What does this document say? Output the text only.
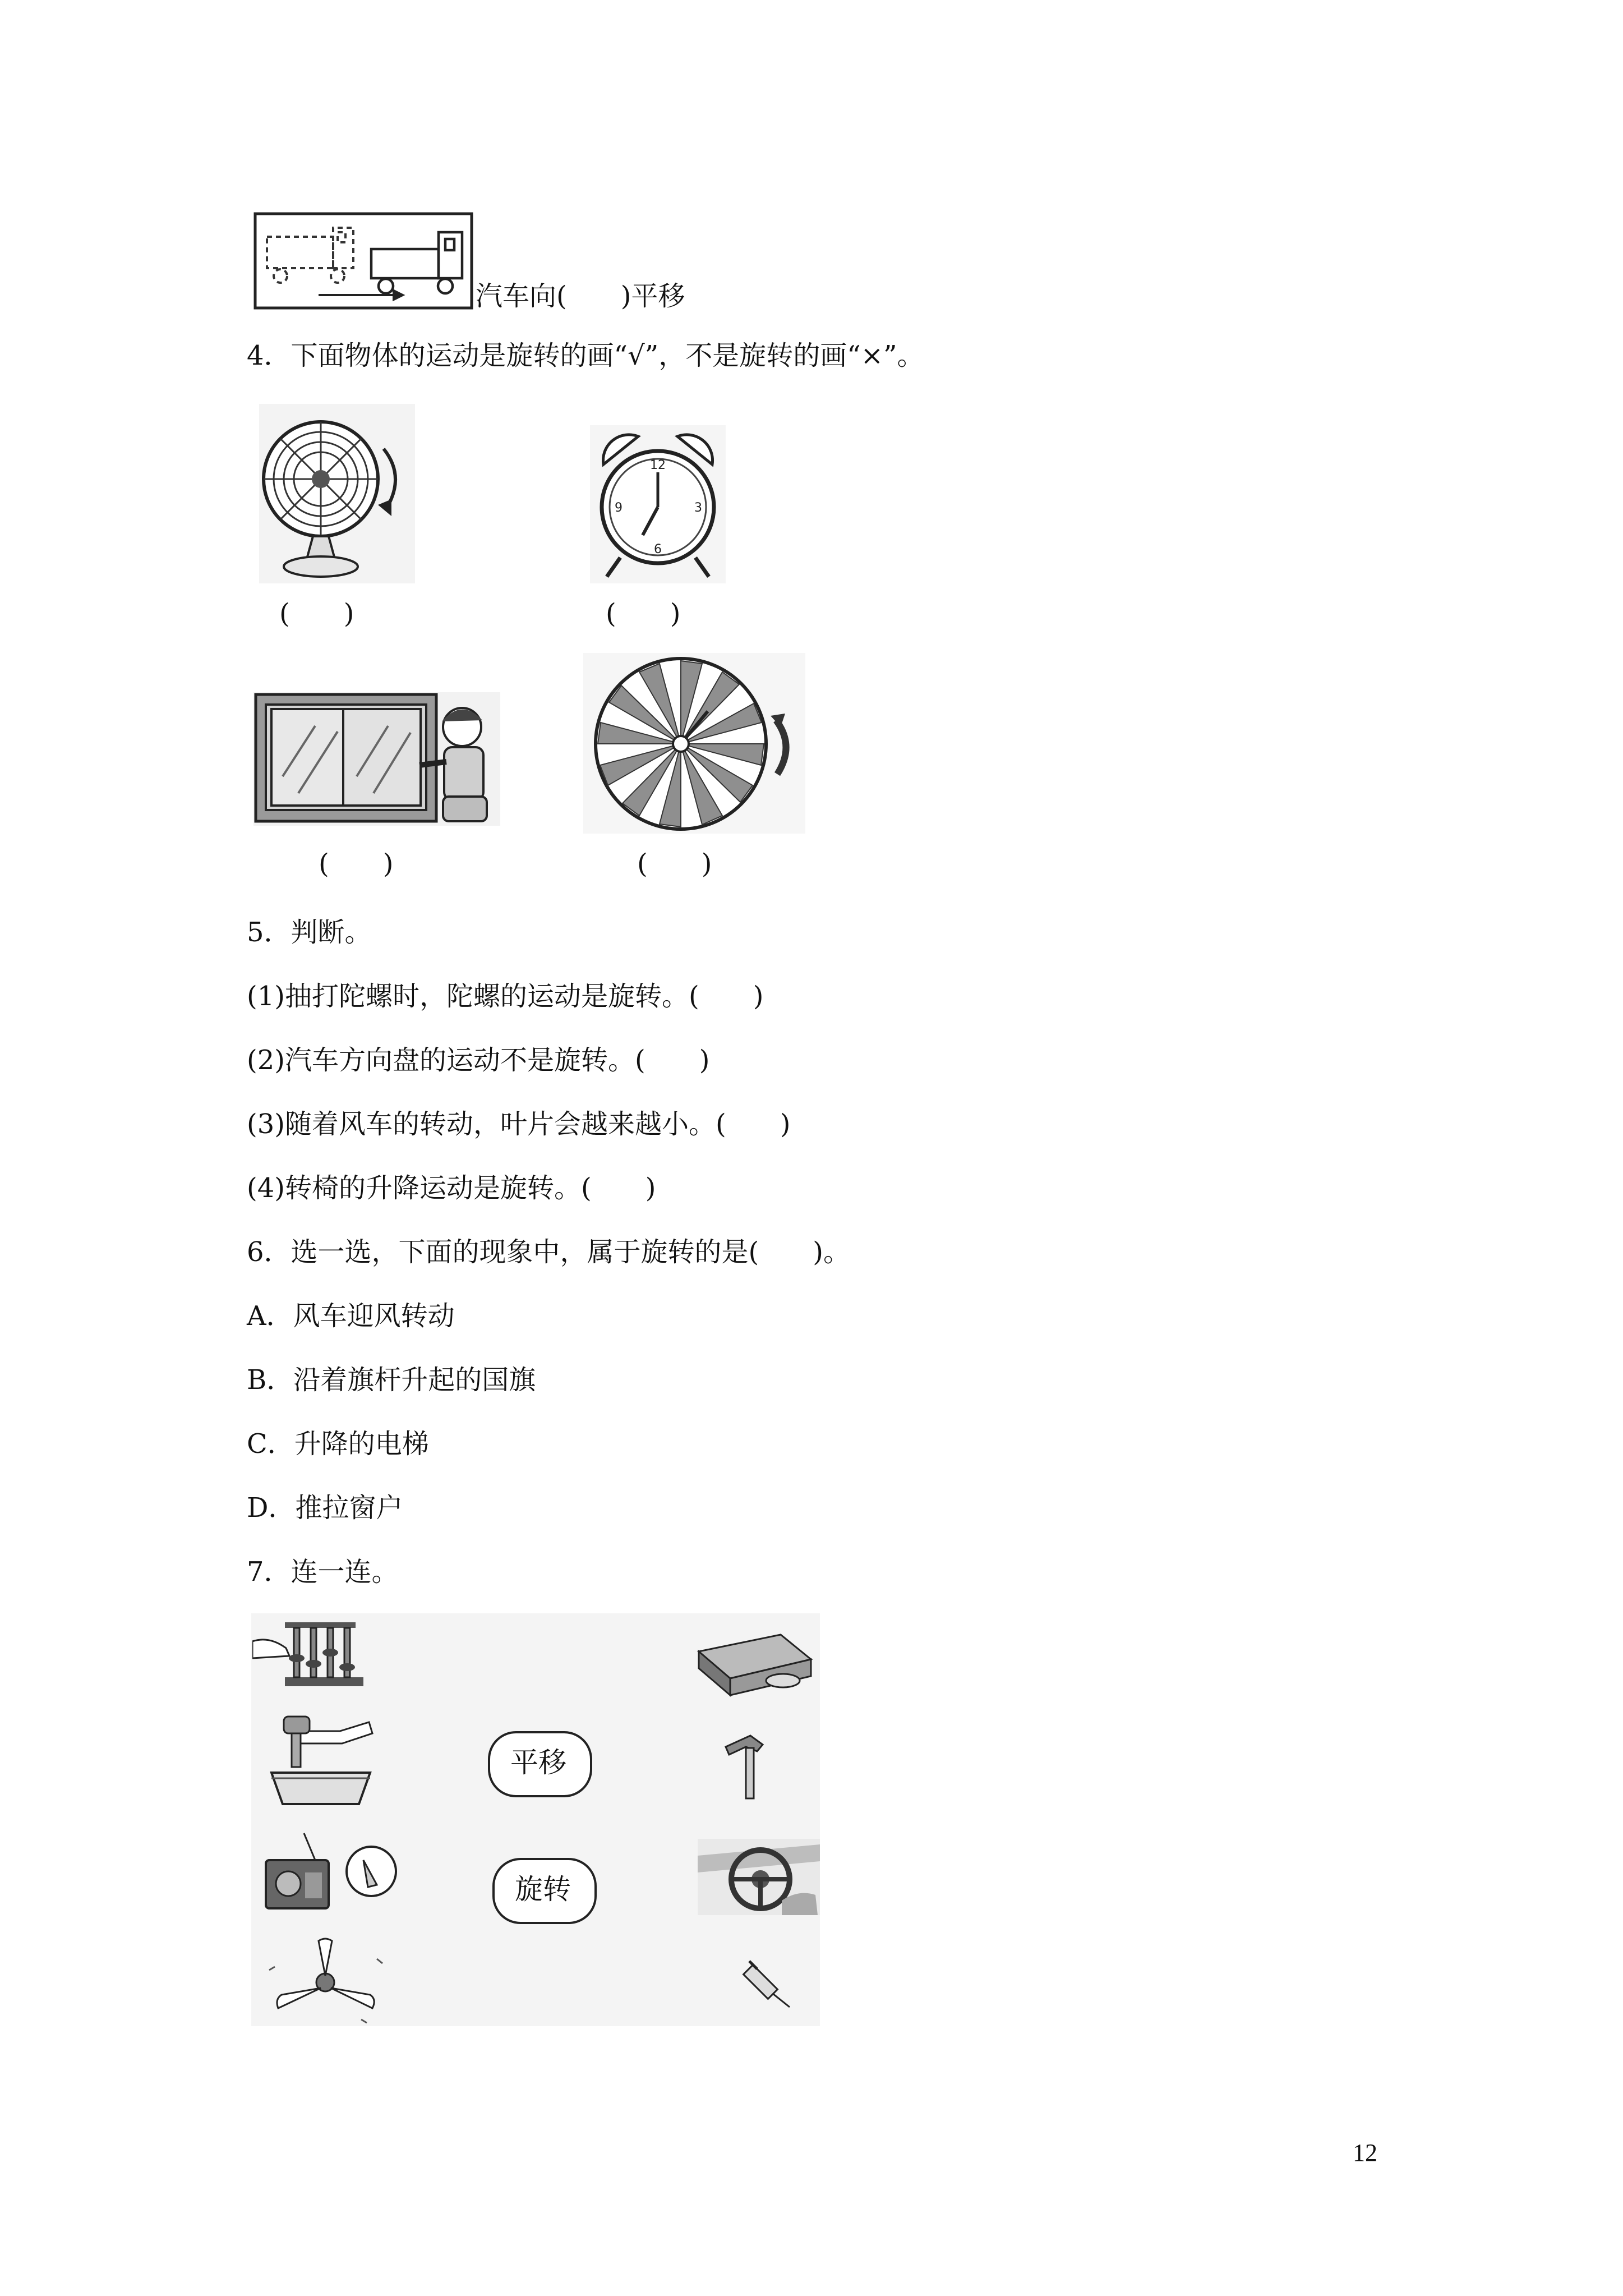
汽车向(　　)平移
4．下面物体的运动是旋转的画“√”，不是旋转的画“×”。
(　　)
12
3
6
9
(　　)
(　　)	(　　)
5．判断。
(1)抽打陀螺时，陀螺的运动是旋转。(　　)
(2)汽车方向盘的运动不是旋转。(　　)
(3)随着风车的转动，叶片会越来越小。(　　)
(4)转椅的升降运动是旋转。(　　)
6．选一选，下面的现象中，属于旋转的是(　　)。
A．风车迎风转动
B．沿着旗杆升起的国旗
C．升降的电梯
D．推拉窗户
7．连一连。
平移
旋转
12
